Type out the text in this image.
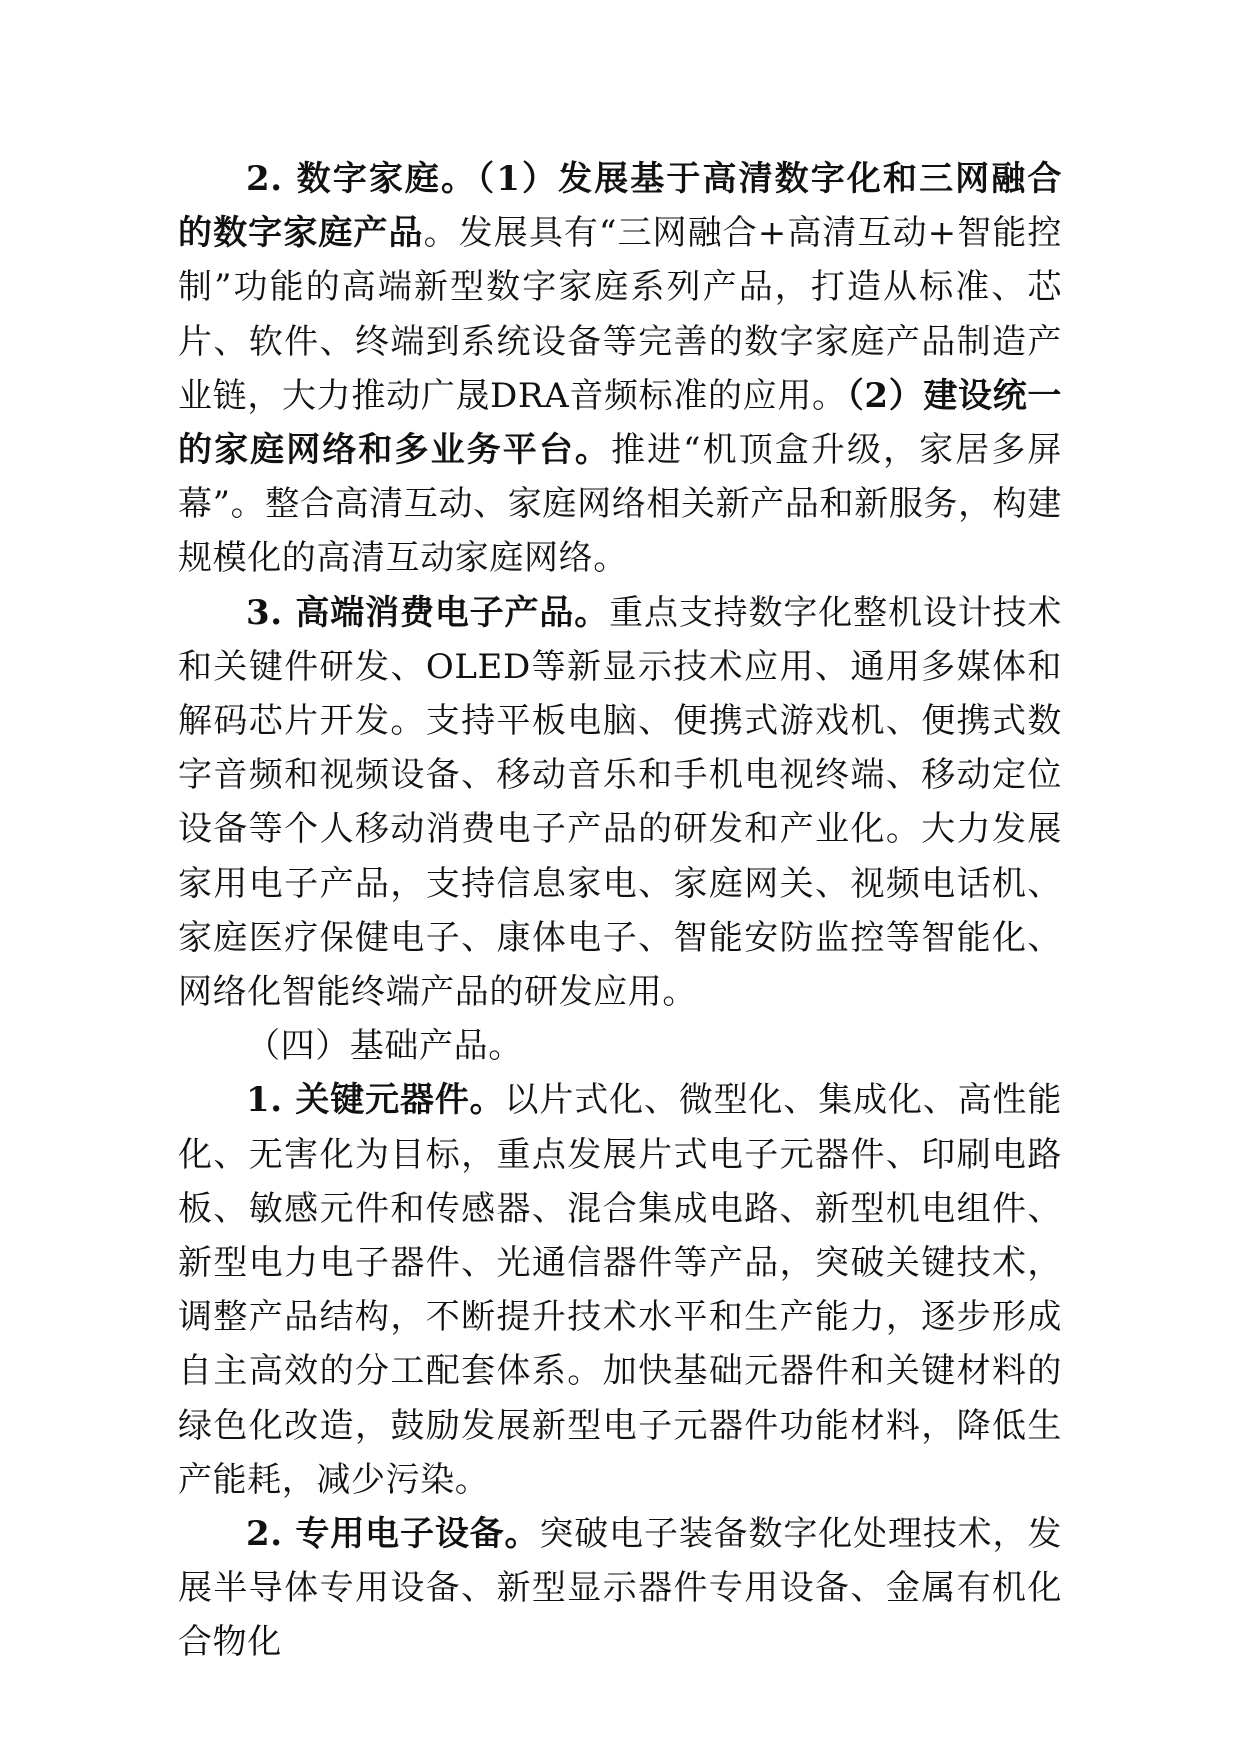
2. 数字家庭。（1）发展基于高清数字化和三网融合的数字家庭产品。发展具有“三网融合+高清互动+智能控制”功能的高端新型数字家庭系列产品，打造从标准、芯片、软件、终端到系统设备等完善的数字家庭产品制造产业链，大力推动广晟DRA音频标准的应用。（2）建设统一的家庭网络和多业务平台。推进“机顶盒升级，家居多屏幕”。整合高清互动、家庭网络相关新产品和新服务，构建规模化的高清互动家庭网络。

3. 高端消费电子产品。重点支持数字化整机设计技术和关键件研发、OLED等新显示技术应用、通用多媒体和解码芯片开发。支持平板电脑、便携式游戏机、便携式数字音频和视频设备、移动音乐和手机电视终端、移动定位设备等个人移动消费电子产品的研发和产业化。大力发展家用电子产品，支持信息家电、家庭网关、视频电话机、家庭医疗保健电子、康体电子、智能安防监控等智能化、网络化智能终端产品的研发应用。

（四）基础产品。

1. 关键元器件。以片式化、微型化、集成化、高性能化、无害化为目标，重点发展片式电子元器件、印刷电路板、敏感元件和传感器、混合集成电路、新型机电组件、新型电力电子器件、光通信器件等产品，突破关键技术，调整产品结构，不断提升技术水平和生产能力，逐步形成自主高效的分工配套体系。加快基础元器件和关键材料的绿色化改造，鼓励发展新型电子元器件功能材料，降低生产能耗，减少污染。

2. 专用电子设备。突破电子装备数字化处理技术，发展半导体专用设备、新型显示器件专用设备、金属有机化合物化
